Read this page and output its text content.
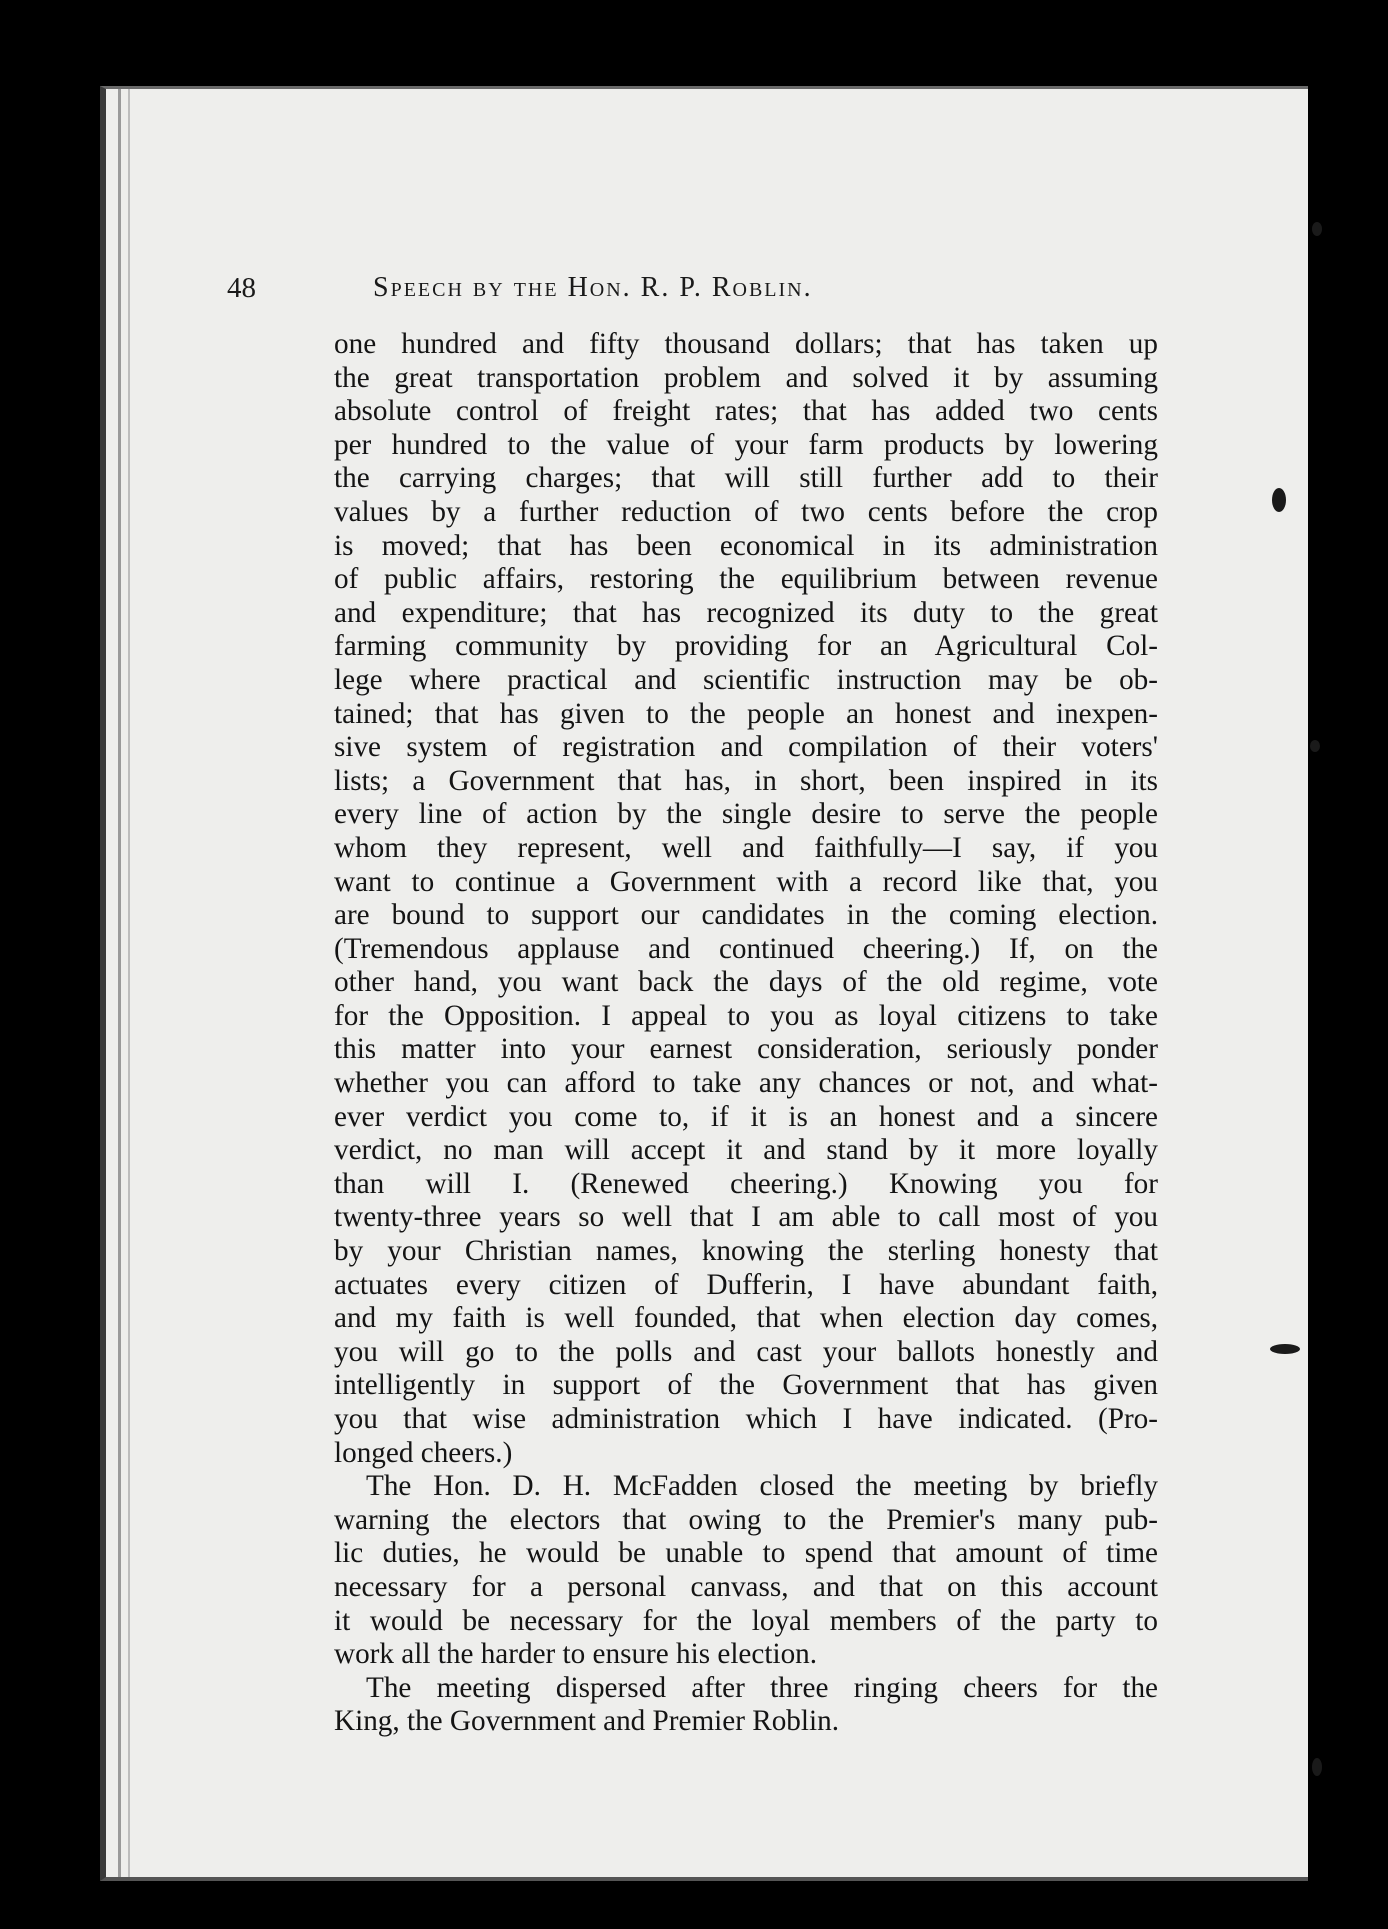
48	Speech by the Hon. R. P. Roblin.
one hundred and fifty thousand dollars; that has taken up
the great transportation problem and solved it by assuming
absolute control of freight rates; that has added two cents
per hundred to the value of your farm products by lowering
the carrying charges; that will still further add to their
values by a further reduction of two cents before the crop
is moved; that has been economical in its administration
of public affairs, restoring the equilibrium between revenue
and expenditure; that has recognized its duty to the great
farming community by providing for an Agricultural Col-
lege where practical and scientific instruction may be ob-
tained; that has given to the people an honest and inexpen-
sive system of registration and compilation of their voters'
lists; a Government that has, in short, been inspired in its
every line of action by the single desire to serve the people
whom they represent, well and faithfully—I say, if you
want to continue a Government with a record like that, you
are bound to support our candidates in the coming election.
(Tremendous applause and continued cheering.) If, on the
other hand, you want back the days of the old regime, vote
for the Opposition. I appeal to you as loyal citizens to take
this matter into your earnest consideration, seriously ponder
whether you can afford to take any chances or not, and what-
ever verdict you come to, if it is an honest and a sincere
verdict, no man will accept it and stand by it more loyally
than will I. (Renewed cheering.) Knowing you for
twenty-three years so well that I am able to call most of you
by your Christian names, knowing the sterling honesty that
actuates every citizen of Dufferin, I have abundant faith,
and my faith is well founded, that when election day comes,
you will go to the polls and cast your ballots honestly and
intelligently in support of the Government that has given
you that wise administration which I have indicated. (Pro-
longed cheers.)
The Hon. D. H. McFadden closed the meeting by briefly
warning the electors that owing to the Premier's many pub-
lic duties, he would be unable to spend that amount of time
necessary for a personal canvass, and that on this account
it would be necessary for the loyal members of the party to
work all the harder to ensure his election.
The meeting dispersed after three ringing cheers for the
King, the Government and Premier Roblin.
